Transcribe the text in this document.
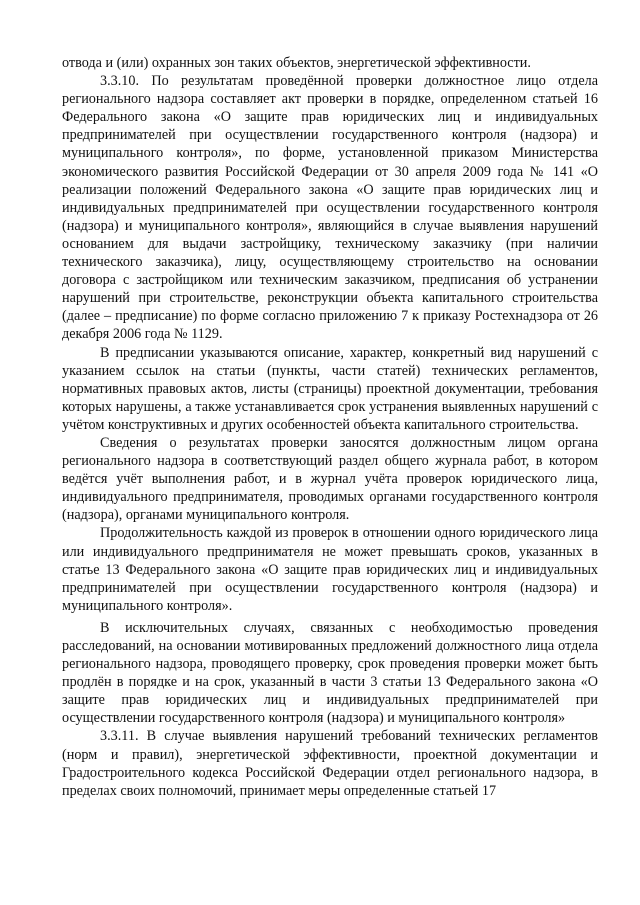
отвода и (или) охранных зон таких объектов, энергетической эффективности.

3.3.10. По результатам проведённой проверки должностное лицо отдела регионального надзора составляет акт проверки в порядке, определенном статьей 16 Федерального закона «О защите прав юридических лиц и индивидуальных предпринимателей при осуществлении государственного контроля (надзора) и муниципального контроля», по форме, установленной приказом Министерства экономического развития Российской Федерации от 30 апреля 2009 года № 141 «О реализации положений Федерального закона «О защите прав юридических лиц и индивидуальных предпринимателей при осуществлении государственного контроля (надзора) и муниципального контроля», являющийся в случае выявления нарушений основанием для выдачи застройщику, техническому заказчику (при наличии технического заказчика), лицу, осуществляющему строительство на основании договора с застройщиком или техническим заказчиком, предписания об устранении нарушений при строительстве, реконструкции объекта капитального строительства (далее – предписание) по форме согласно приложению 7 к приказу Ростехнадзора от 26 декабря 2006 года № 1129.

В предписании указываются описание, характер, конкретный вид нарушений с указанием ссылок на статьи (пункты, части статей) технических регламентов, нормативных правовых актов, листы (страницы) проектной документации, требования которых нарушены, а также устанавливается срок устранения выявленных нарушений с учётом конструктивных и других особенностей объекта капитального строительства.

Сведения о результатах проверки заносятся должностным лицом органа регионального надзора в соответствующий раздел общего журнала работ, в котором ведётся учёт выполнения работ, и в журнал учёта проверок юридического лица, индивидуального предпринимателя, проводимых органами государственного контроля (надзора), органами муниципального контроля.

Продолжительность каждой из проверок в отношении одного юридического лица или индивидуального предпринимателя не может превышать сроков, указанных в статье 13 Федерального закона «О защите прав юридических лиц и индивидуальных предпринимателей при осуществлении государственного контроля (надзора) и муниципального контроля».

В исключительных случаях, связанных с необходимостью проведения расследований, на основании мотивированных предложений должностного лица отдела регионального надзора, проводящего проверку, срок проведения проверки может быть продлён в порядке и на срок, указанный в части 3 статьи 13 Федерального закона «О защите прав юридических лиц и индивидуальных предпринимателей при осуществлении государственного контроля (надзора) и муниципального контроля»

3.3.11. В случае выявления нарушений требований технических регламентов (норм и правил), энергетической эффективности, проектной документации и Градостроительного кодекса Российской Федерации отдел регионального надзора, в пределах своих полномочий, принимает меры определенные статьей 17
